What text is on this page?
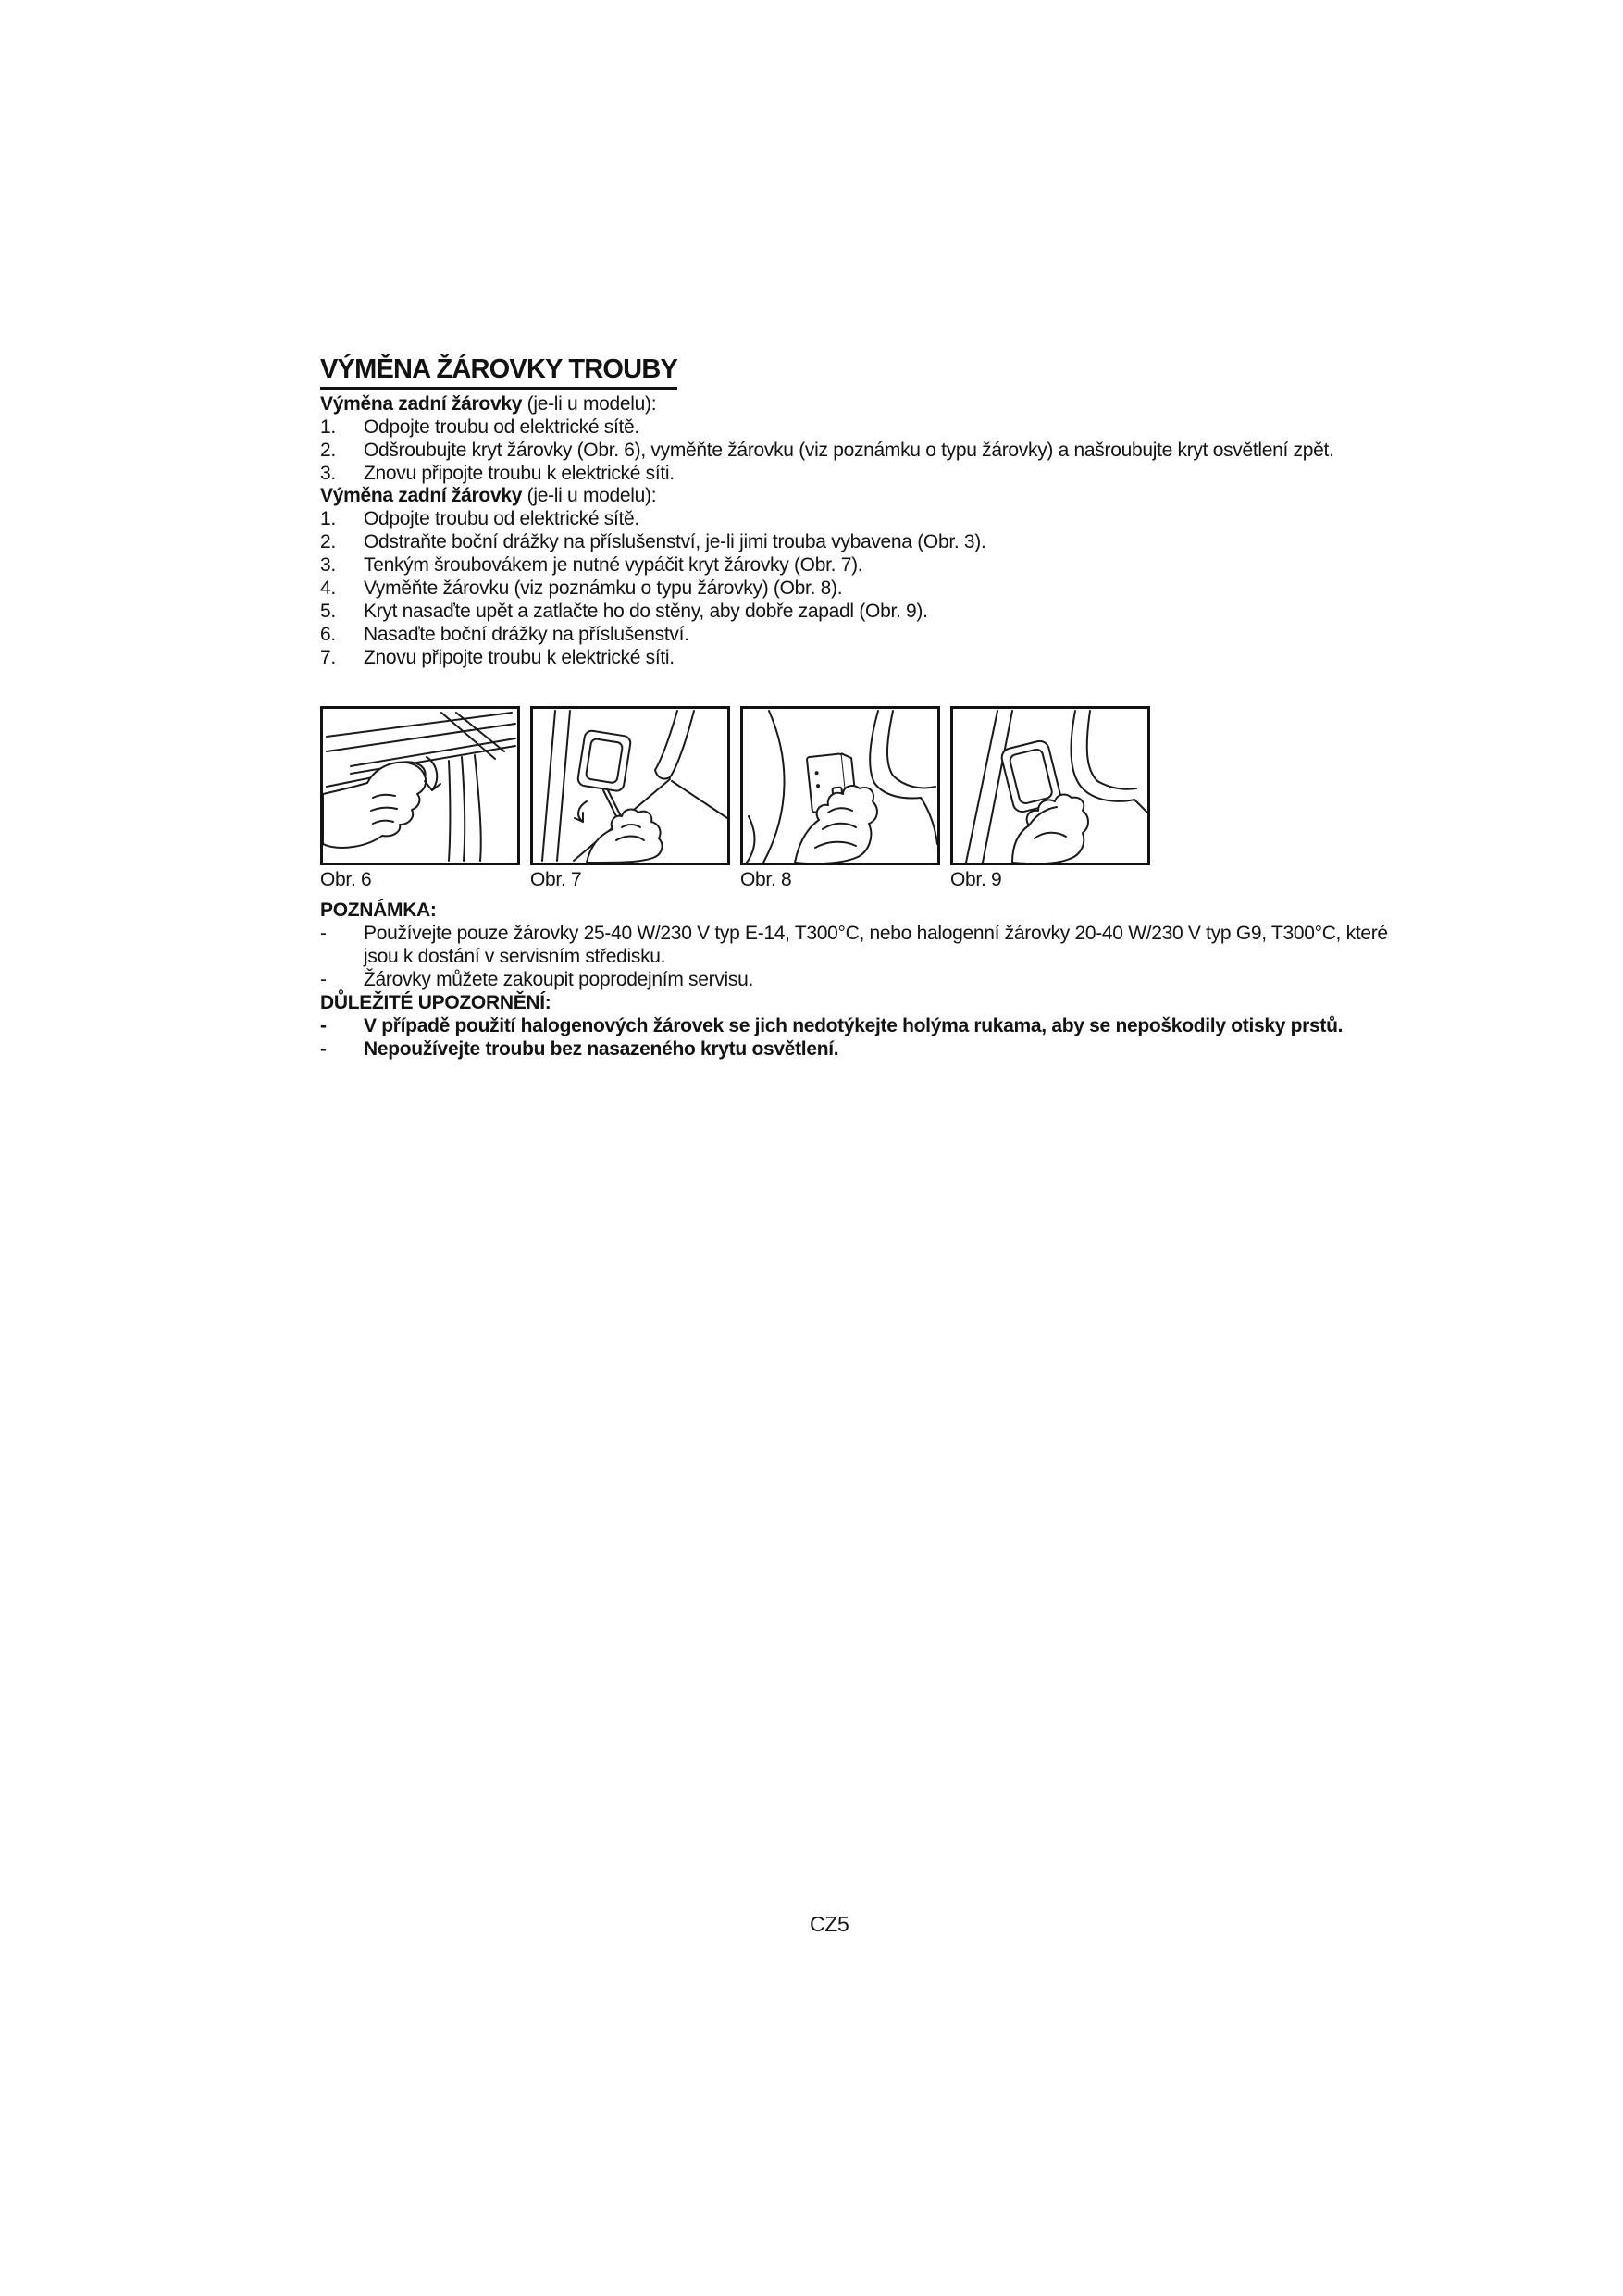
VÝMĚNA ŽÁROVKY TROUBY
Výměna zadní žárovky (je-li u modelu):
1.	Odpojte troubu od elektrické sítě.
2.	Odšroubujte kryt žárovky (Obr. 6), vyměňte žárovku (viz poznámku o typu žárovky) a našroubujte kryt osvětlení zpět.
3.	Znovu připojte troubu k elektrické síti.
Výměna zadní žárovky (je-li u modelu):
1.	Odpojte troubu od elektrické sítě.
2.	Odstraňte boční drážky na příslušenství, je-li jimi trouba vybavena (Obr. 3).
3.	Tenkým šroubovákem je nutné vypáčit kryt žárovky (Obr. 7).
4.	Vyměňte žárovku (viz poznámku o typu žárovky) (Obr. 8).
5.	Kryt nasaďte upět a zatlačte ho do stěny, aby dobře zapadl (Obr. 9).
6.	Nasaďte boční drážky na příslušenství.
7.	Znovu připojte troubu k elektrické síti.
Obr. 6	Obr. 7	Obr. 8	Obr. 9
POZNÁMKA:
-	Používejte pouze žárovky 25-40 W/230 V typ E-14, T300°C, nebo halogenní žárovky 20-40 W/230 V typ G9, T300°C, které
jsou k dostání v servisním středisku.
-	Žárovky můžete zakoupit poprodejním servisu.
DŮLEŽITÉ UPOZORNĚNÍ:
-	V případě použití halogenových žárovek se jich nedotýkejte holýma rukama, aby se nepoškodily otisky prstů.
-	Nepoužívejte troubu bez nasazeného krytu osvětlení.
CZ5
